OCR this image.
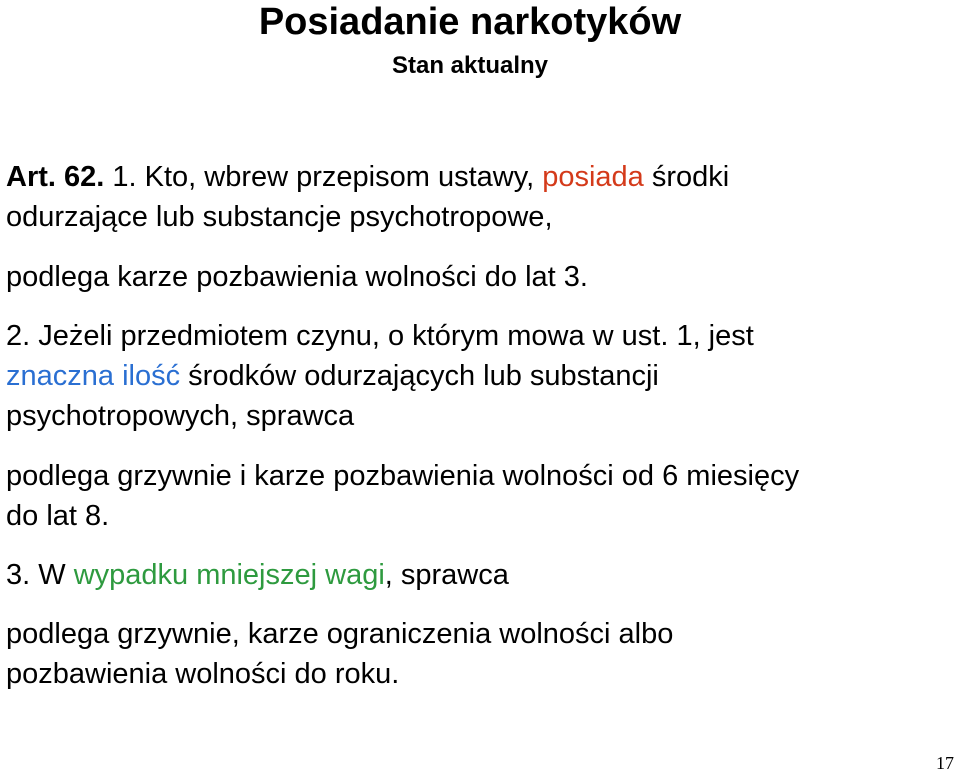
Posiadanie narkotyków
Stan aktualny
Art. 62. 1. Kto, wbrew przepisom ustawy, posiada środki
odurzające lub substancje psychotropowe,
podlega karze pozbawienia wolności do lat 3.
2. Jeżeli przedmiotem czynu, o którym mowa w ust. 1, jest
znaczna ilość środków odurzających lub substancji
psychotropowych, sprawca
podlega grzywnie i karze pozbawienia wolności od 6 miesięcy
do lat 8.
3. W wypadku mniejszej wagi, sprawca
podlega grzywnie, karze ograniczenia wolności albo
pozbawienia wolności do roku.
17
